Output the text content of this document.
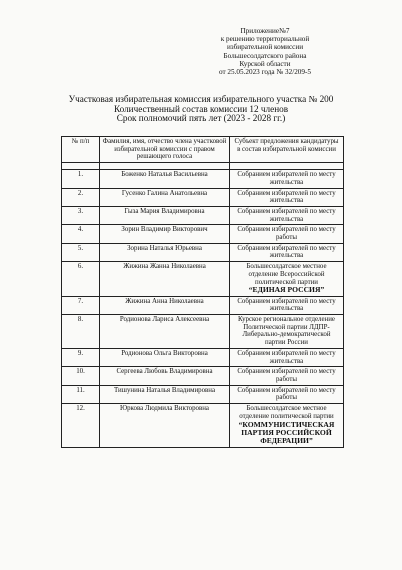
Приложение№7
к решению территориальной
избирательной комиссии
Большесолдатского района
Курской области
от 25.05.2023 года № 32/209-5
Участковая избирательная комиссия избирательного участка № 200
Количественный состав комиссии 12 членов
Срок полномочий пять лет (2023 - 2028 гг.)
№ п/п	Фамилия, имя, отчество члена участковой избирательной комиссии с правом решающего голоса	Субъект предложения кандидатуры в состав избирательной комиссии

1.	Боженко Наталья Васильевна	Собранием избирателей по месту жительства

2.	Гусенко Галина Анатольевна	Собранием избирателей по месту жительства

3.	Гыза Мария Владимировна	Собранием избирателей по месту жительства

4.	Зорин Владимир Викторович	Собранием избирателей по месту работы

5.	Зорина Наталья Юрьевна	Собранием избирателей по месту жительства

6.	Жижина Жанна Николаевна	Большесолдатское местное отделение Всероссийской политической партии
“ЕДИНАЯ РОССИЯ”

7.	Жижина Анна Николаевна	Собранием избирателей по месту жительства

8.	Родионова Лариса Алексеевна	Курское региональное отделение Политической партии ЛДПР-Либерально-демократической партии России

9.	Родионова Ольга Викторовна	Собранием избирателей по месту жительства

10.	Сергеева Любовь Владимировна	Собранием избирателей по месту работы

11.	Тишунина Наталья Владимировна	Собранием избирателей по месту работы

12.	Юркова Людмила Викторовна	Большесолдатское местное отделение политической партии
“КОММУНИСТИЧЕСКАЯ ПАРТИЯ РОССИЙСКОЙ ФЕДЕРАЦИИ”
